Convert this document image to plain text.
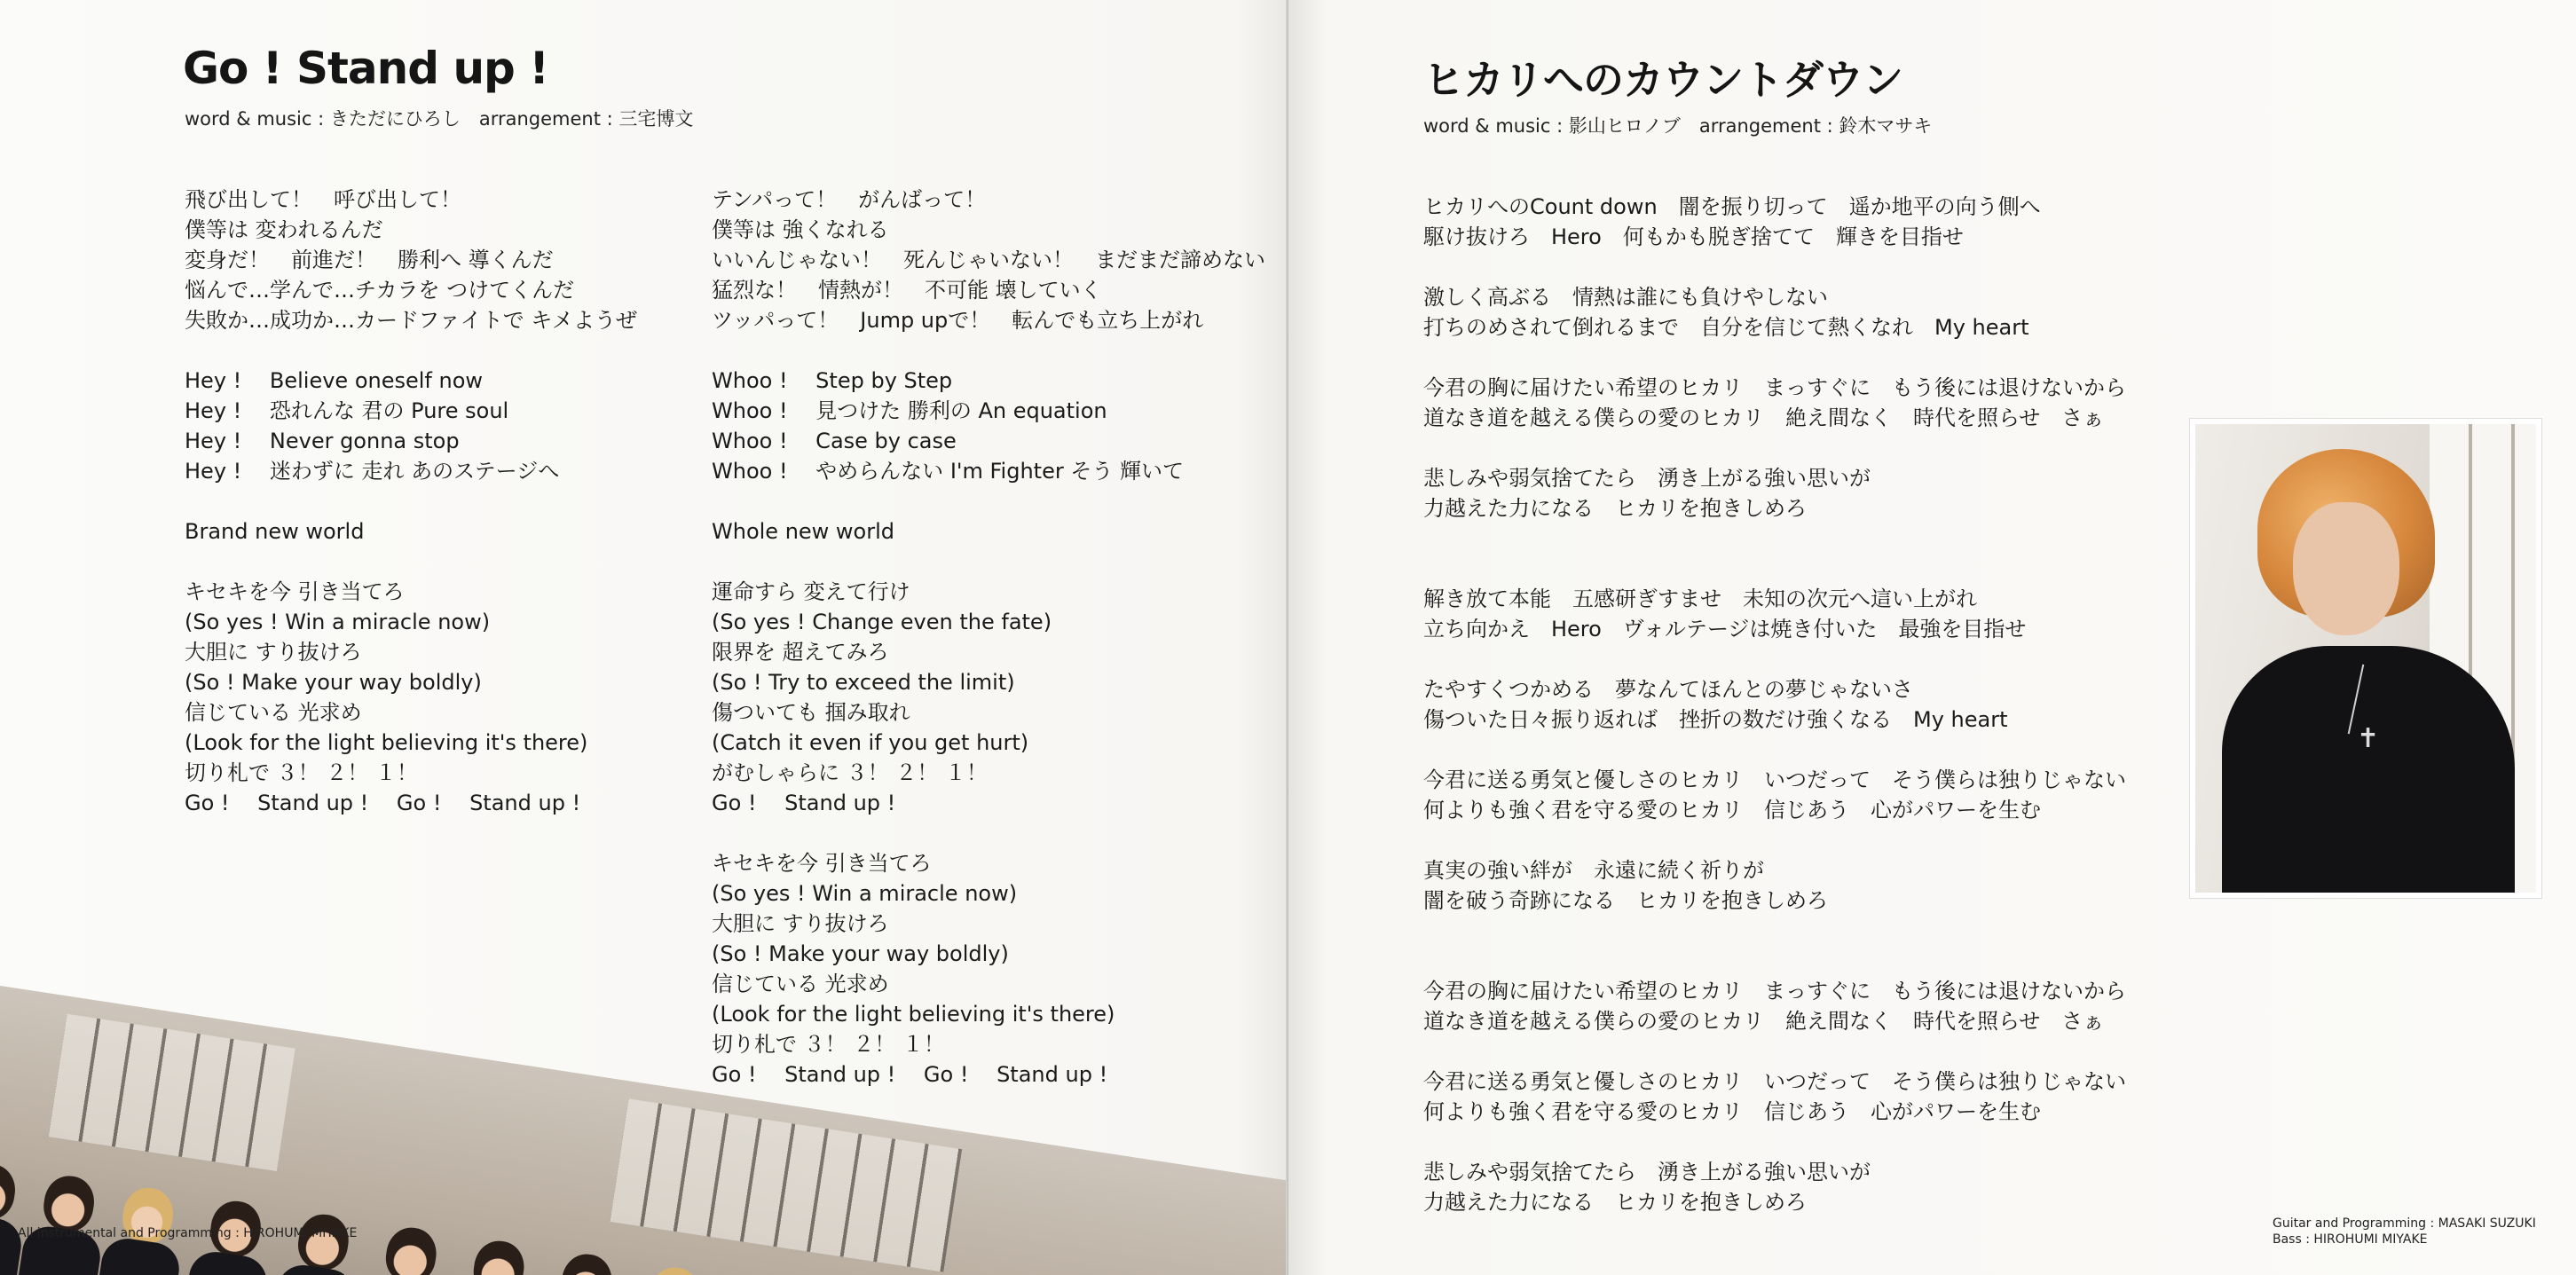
Go ! Stand up !
word & music : きただにひろし　arrangement : 三宅博文
飛び出して！　呼び出して！
僕等は 変われるんだ
変身だ！　前進だ！　勝利へ 導くんだ
悩んで…学んで…チカラを つけてくんだ
失敗か…成功か…カードファイトで キメようぜ
Hey ! 　Believe oneself now
Hey ! 　恐れんな 君の Pure soul
Hey ! 　Never gonna stop
Hey ! 　迷わずに 走れ あのステージへ
Brand new world
キセキを今 引き当てろ
(So yes ! Win a miracle now)
大胆に すり抜けろ
(So ! Make your way boldly)
信じている 光求め
(Look for the light believing it's there)
切り札で ３！ ２！ １！
Go ! 　Stand up ! 　Go ! 　Stand up !
テンパって！　がんばって！
僕等は 強くなれる
いいんじゃない！　死んじゃいない！　まだまだ諦めない
猛烈な！　情熱が！　不可能 壊していく
ツッパって！　Jump upで！　転んでも立ち上がれ
Whoo ! 　Step by Step
Whoo ! 　見つけた 勝利の An equation
Whoo ! 　Case by case
Whoo ! 　やめらんない I'm Fighter そう 輝いて
Whole new world
運命すら 変えて行け
(So yes ! Change even the fate)
限界を 超えてみろ
(So ! Try to exceed the limit)
傷ついても 掴み取れ
(Catch it even if you get hurt)
がむしゃらに ３！ ２！ １！
Go ! 　Stand up !
キセキを今 引き当てろ
(So yes ! Win a miracle now)
大胆に すり抜けろ
(So ! Make your way boldly)
信じている 光求め
(Look for the light believing it's there)
切り札で ３！ ２！ １！
Go ! 　Stand up ! 　Go ! 　Stand up !
All instrumental and Programming : HIROHUMI MIYAKE
ヒカリへのカウントダウン
word & music : 影山ヒロノブ　arrangement : 鈴木マサキ
ヒカリへのCount down　闇を振り切って　遥か地平の向う側へ
駆け抜けろ　Hero　何もかも脱ぎ捨てて　輝きを目指せ
激しく高ぶる　情熱は誰にも負けやしない
打ちのめされて倒れるまで　自分を信じて熱くなれ　My heart
今君の胸に届けたい希望のヒカリ　まっすぐに　もう後には退けないから
道なき道を越える僕らの愛のヒカリ　絶え間なく　時代を照らせ　さぁ
悲しみや弱気捨てたら　湧き上がる強い思いが
力越えた力になる　ヒカリを抱きしめろ
解き放て本能　五感研ぎすませ　未知の次元へ這い上がれ
立ち向かえ　Hero　ヴォルテージは焼き付いた　最強を目指せ
たやすくつかめる　夢なんてほんとの夢じゃないさ
傷ついた日々振り返れば　挫折の数だけ強くなる　My heart
今君に送る勇気と優しさのヒカリ　いつだって　そう僕らは独りじゃない
何よりも強く君を守る愛のヒカリ　信じあう　心がパワーを生む
真実の強い絆が　永遠に続く祈りが
闇を破う奇跡になる　ヒカリを抱きしめろ
今君の胸に届けたい希望のヒカリ　まっすぐに　もう後には退けないから
道なき道を越える僕らの愛のヒカリ　絶え間なく　時代を照らせ　さぁ
今君に送る勇気と優しさのヒカリ　いつだって　そう僕らは独りじゃない
何よりも強く君を守る愛のヒカリ　信じあう　心がパワーを生む
悲しみや弱気捨てたら　湧き上がる強い思いが
力越えた力になる　ヒカリを抱きしめろ
✝
Guitar and Programming : MASAKI SUZUKI
Bass : HIROHUMI MIYAKE
